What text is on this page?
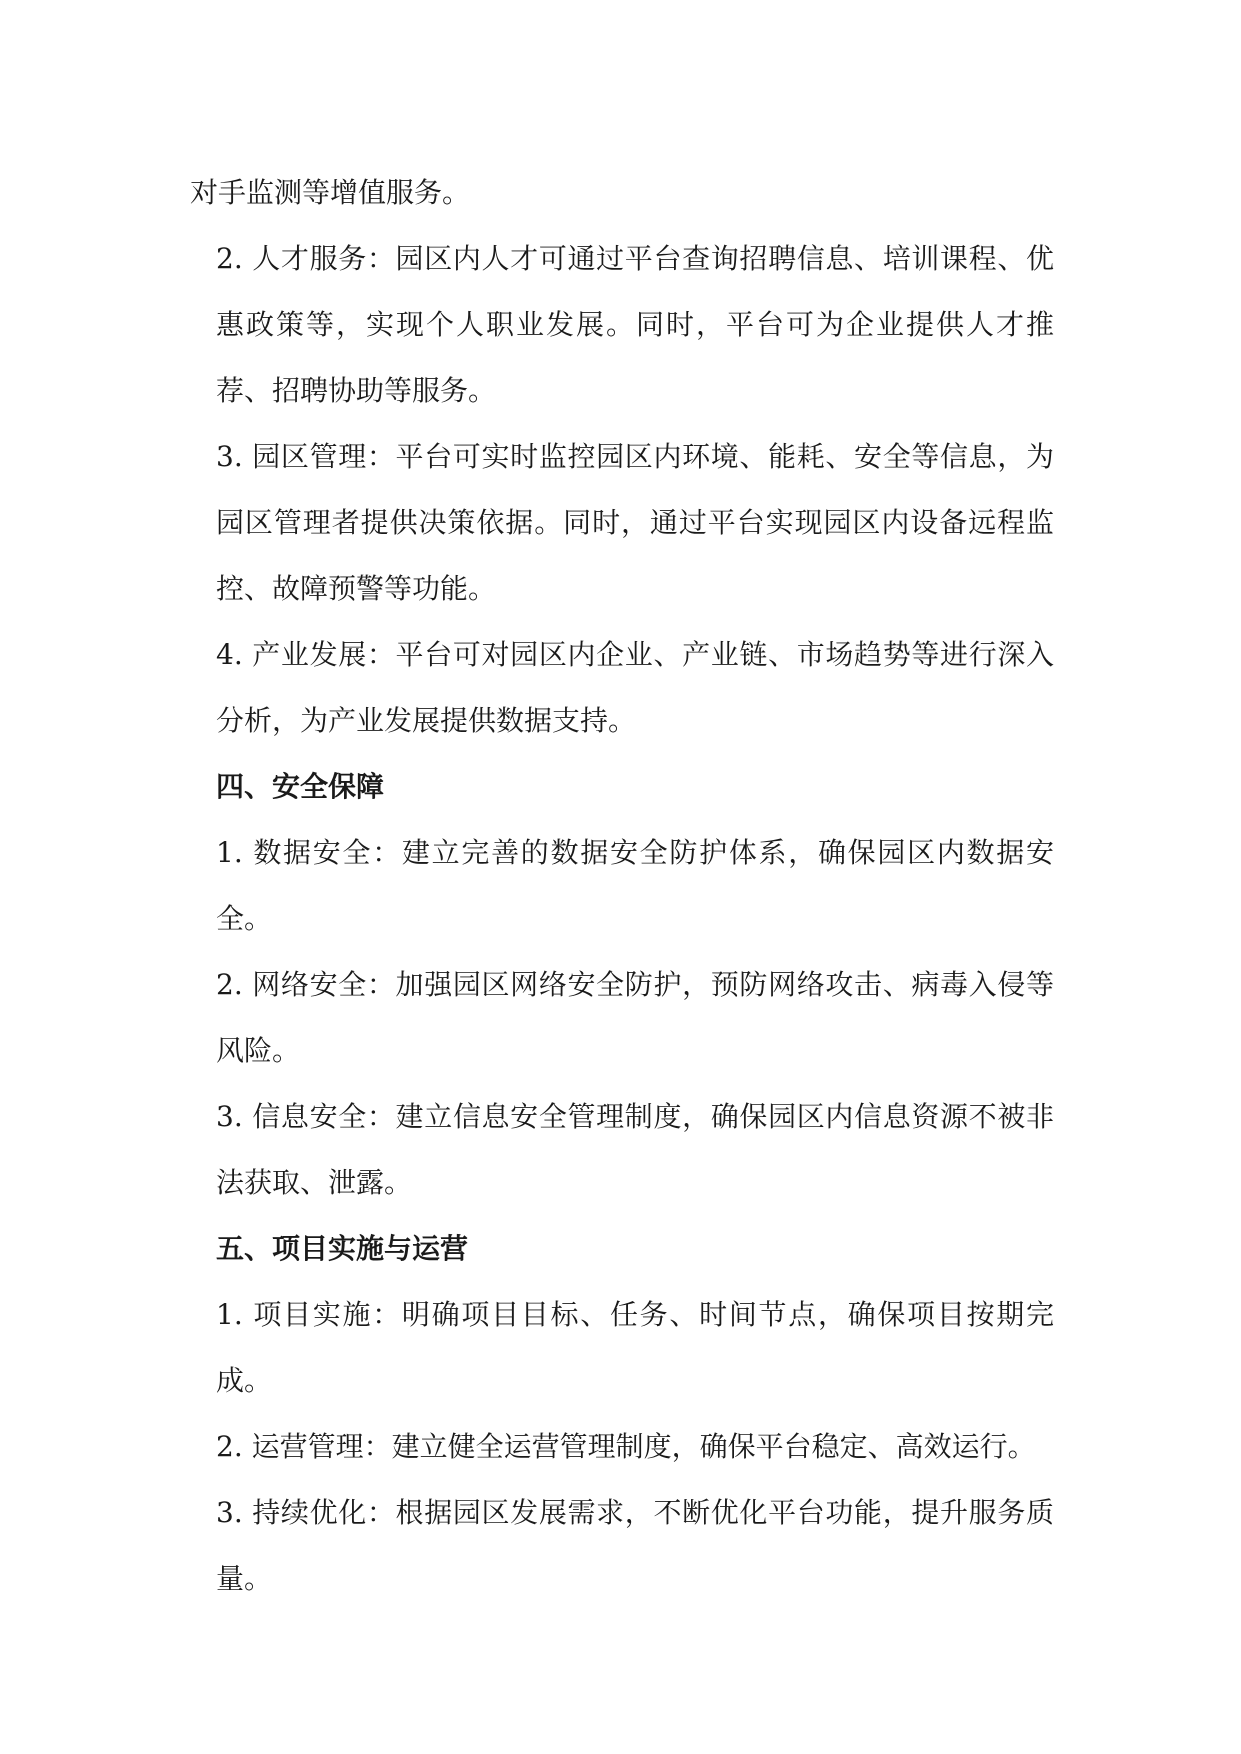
对手监测等增值服务。

2. 人才服务：园区内人才可通过平台查询招聘信息、培训课程、优惠政策等，实现个人职业发展。同时，平台可为企业提供人才推荐、招聘协助等服务。

3. 园区管理：平台可实时监控园区内环境、能耗、安全等信息，为园区管理者提供决策依据。同时，通过平台实现园区内设备远程监控、故障预警等功能。

4. 产业发展：平台可对园区内企业、产业链、市场趋势等进行深入分析，为产业发展提供数据支持。

四、安全保障

1. 数据安全：建立完善的数据安全防护体系，确保园区内数据安全。

2. 网络安全：加强园区网络安全防护，预防网络攻击、病毒入侵等风险。

3. 信息安全：建立信息安全管理制度，确保园区内信息资源不被非法获取、泄露。

五、项目实施与运营

1. 项目实施：明确项目目标、任务、时间节点，确保项目按期完成。

2. 运营管理：建立健全运营管理制度，确保平台稳定、高效运行。

3. 持续优化：根据园区发展需求，不断优化平台功能，提升服务质量。
